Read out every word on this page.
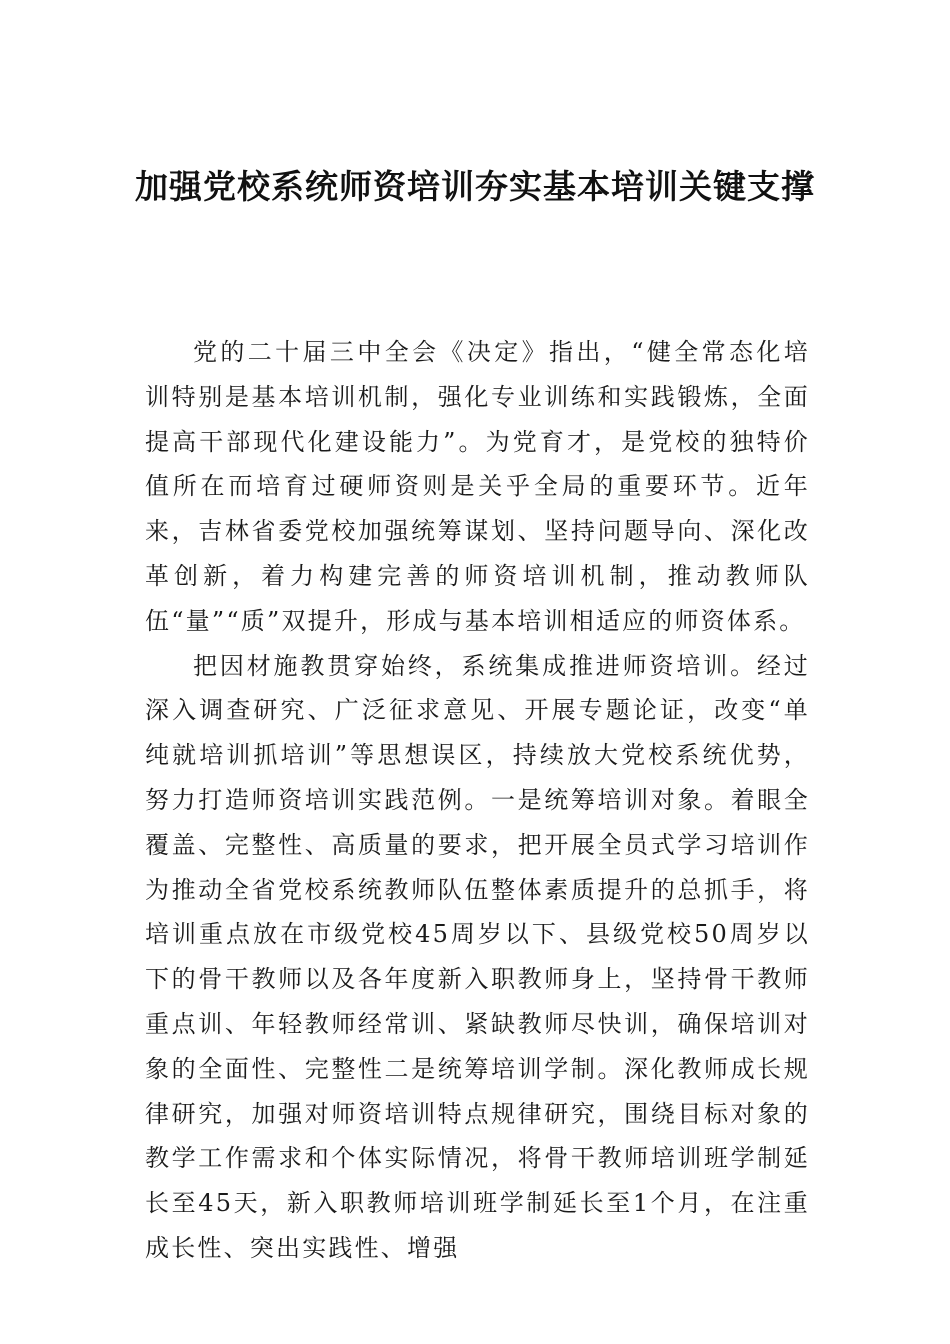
加强党校系统师资培训夯实基本培训关键支撑

党的二十届三中全会《决定》指出，“健全常态化培训特别是基本培训机制，强化专业训练和实践锻炼，全面提高干部现代化建设能力”。为党育才，是党校的独特价值所在而培育过硬师资则是关乎全局的重要环节。近年来，吉林省委党校加强统筹谋划、坚持问题导向、深化改革创新，着力构建完善的师资培训机制，推动教师队伍“量”“质”双提升，形成与基本培训相适应的师资体系。

把因材施教贯穿始终，系统集成推进师资培训。经过深入调查研究、广泛征求意见、开展专题论证，改变“单纯就培训抓培训”等思想误区，持续放大党校系统优势，努力打造师资培训实践范例。一是统筹培训对象。着眼全覆盖、完整性、高质量的要求，把开展全员式学习培训作为推动全省党校系统教师队伍整体素质提升的总抓手，将培训重点放在市级党校45周岁以下、县级党校50周岁以下的骨干教师以及各年度新入职教师身上，坚持骨干教师重点训、年轻教师经常训、紧缺教师尽快训，确保培训对象的全面性、完整性二是统筹培训学制。深化教师成长规律研究，加强对师资培训特点规律研究，围绕目标对象的教学工作需求和个体实际情况，将骨干教师培训班学制延长至45天，新入职教师培训班学制延长至1个月，在注重成长性、突出实践性、增强
